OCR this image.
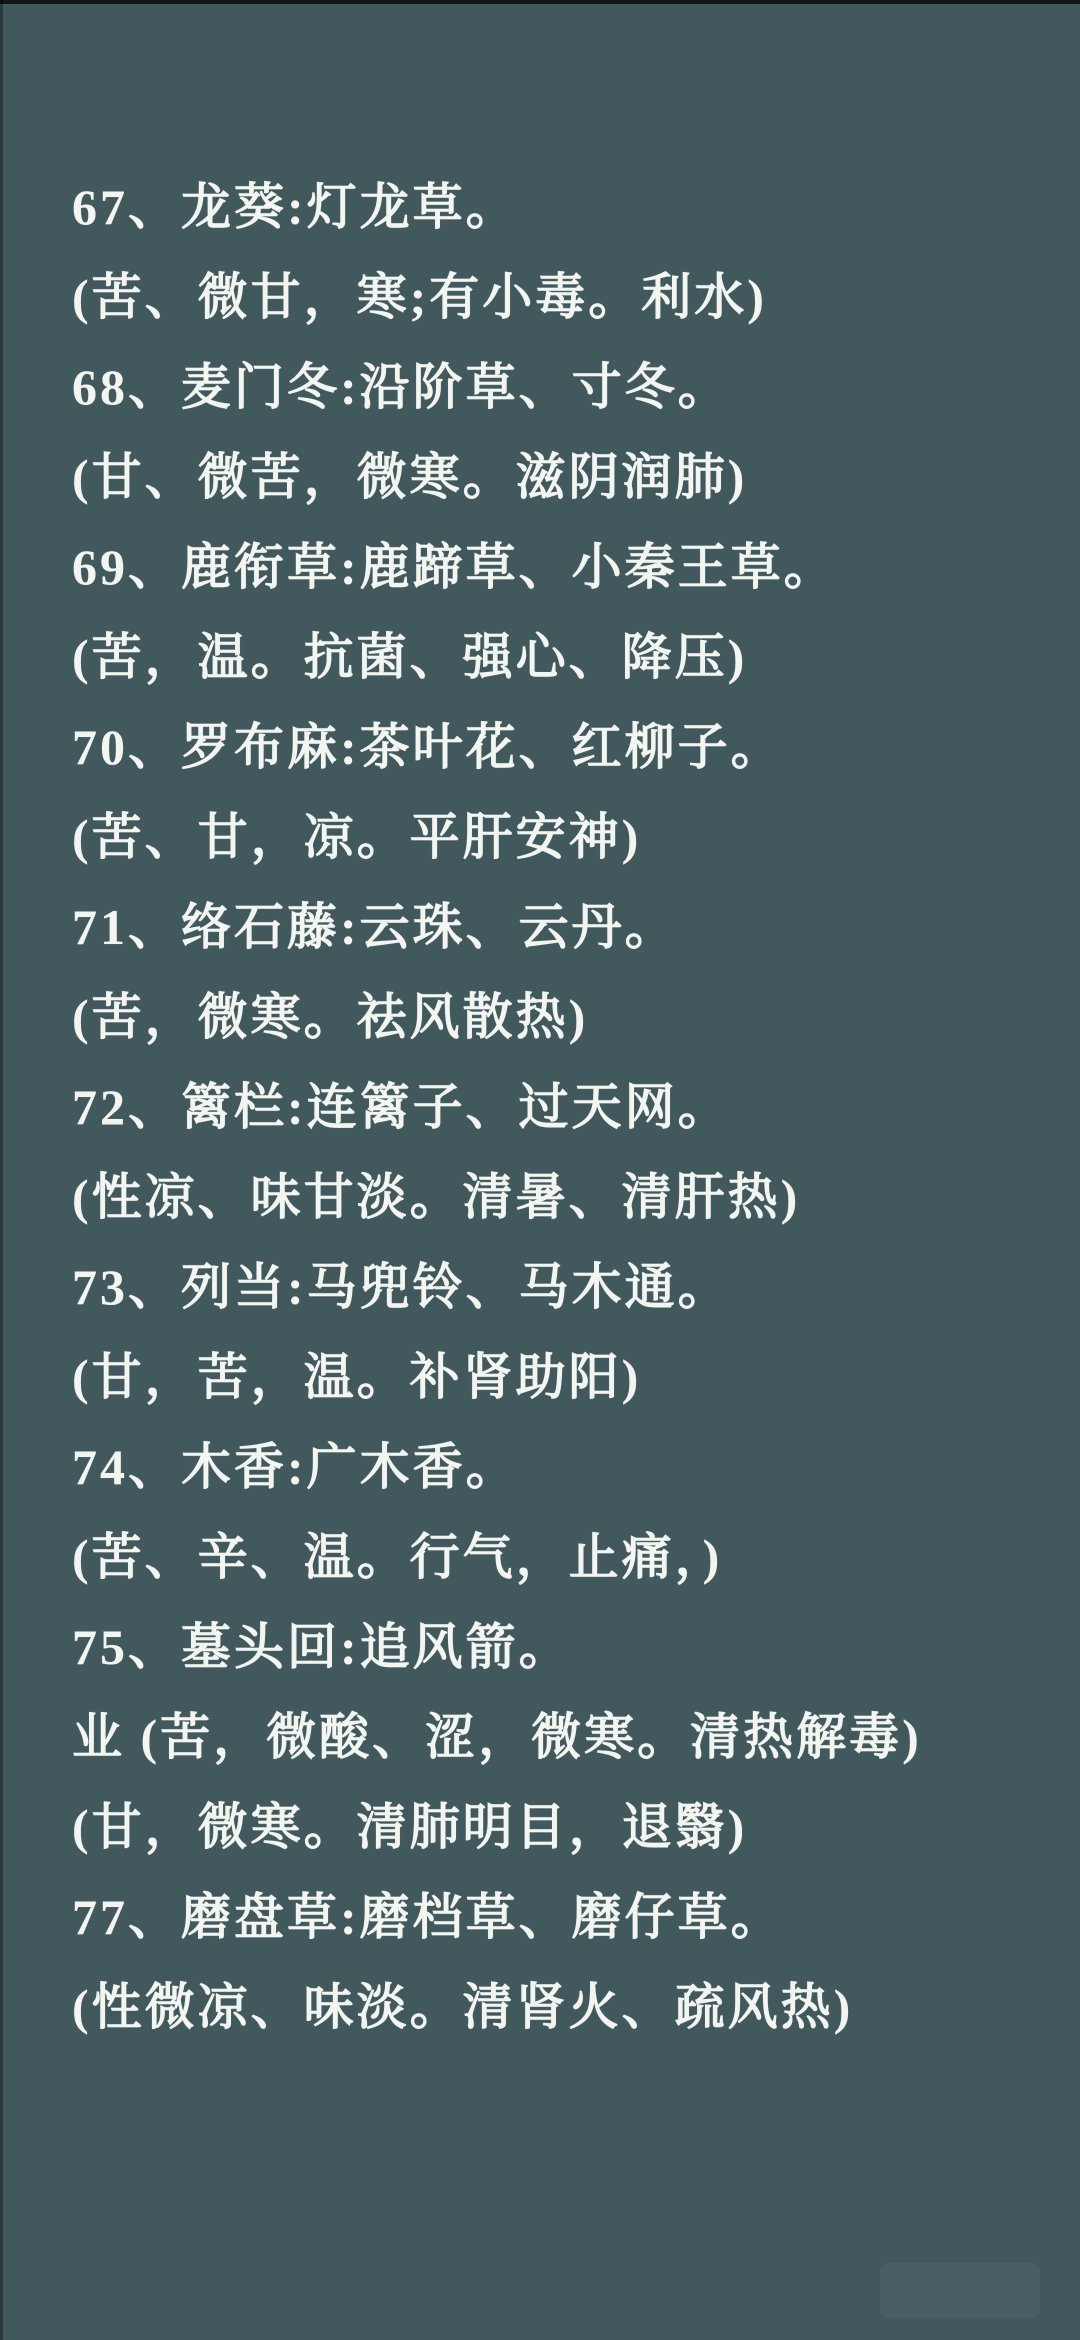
67、龙葵:灯龙草。
(苦、微甘，寒;有小毒。利水)
68、麦门冬:沿阶草、寸冬。
(甘、微苦，微寒。滋阴润肺)
69、鹿衔草:鹿蹄草、小秦王草。
(苦，温。抗菌、强心、降压)
70、罗布麻:茶叶花、红柳子。
(苦、甘，凉。平肝安神)
71、络石藤:云珠、云丹。
(苦，微寒。祛风散热)
72、篱栏:连篱子、过天网。
(性凉、味甘淡。清暑、清肝热)
73、列当:马兜铃、马木通。
(甘，苦，温。补肾助阳)
74、木香:广木香。
(苦、辛、温。行气，止痛，)
75、墓头回:追风箭。
业 (苦，微酸、涩，微寒。清热解毒)
(甘，微寒。清肺明目，退翳)
77、磨盘草:磨档草、磨仔草。
(性微凉、味淡。清肾火、疏风热)
